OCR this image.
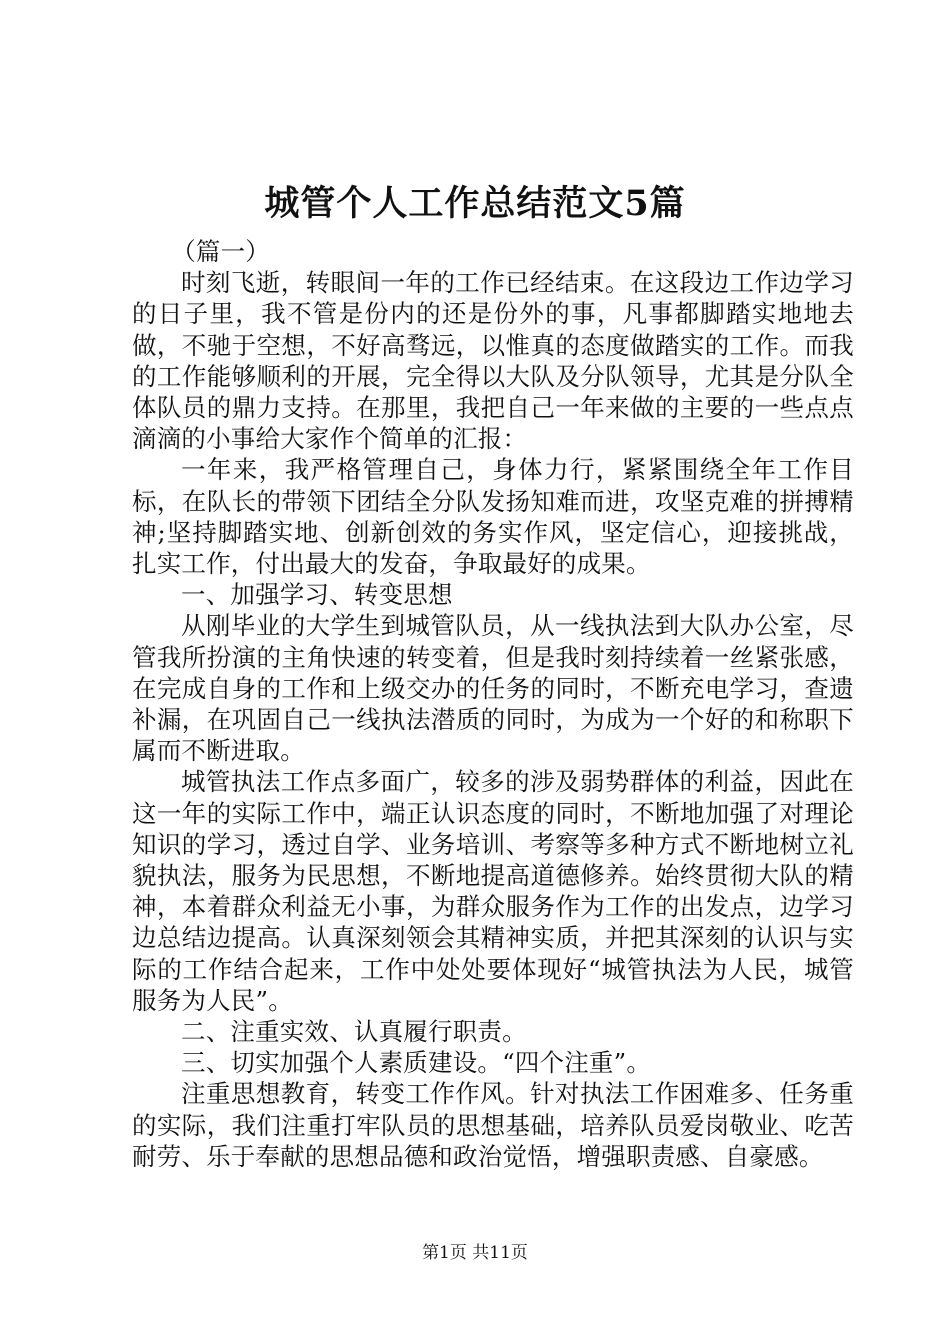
城管个人工作总结范文5篇

（篇一）

时刻飞逝，转眼间一年的工作已经结束。在这段边工作边学习的日子里，我不管是份内的还是份外的事，凡事都脚踏实地地去做，不驰于空想，不好高骛远，以惟真的态度做踏实的工作。而我的工作能够顺利的开展，完全得以大队及分队领导，尤其是分队全体队员的鼎力支持。在那里，我把自己一年来做的主要的一些点点滴滴的小事给大家作个简单的汇报：

一年来，我严格管理自己，身体力行，紧紧围绕全年工作目标，在队长的带领下团结全分队发扬知难而进，攻坚克难的拼搏精神;坚持脚踏实地、创新创效的务实作风，坚定信心，迎接挑战，扎实工作，付出最大的发奋，争取最好的成果。

一、加强学习、转变思想

从刚毕业的大学生到城管队员，从一线执法到大队办公室，尽管我所扮演的主角快速的转变着，但是我时刻持续着一丝紧张感，在完成自身的工作和上级交办的任务的同时，不断充电学习，查遗补漏，在巩固自己一线执法潜质的同时，为成为一个好的和称职下属而不断进取。

城管执法工作点多面广，较多的涉及弱势群体的利益，因此在这一年的实际工作中，端正认识态度的同时，不断地加强了对理论知识的学习，透过自学、业务培训、考察等多种方式不断地树立礼貌执法，服务为民思想，不断地提高道德修养。始终贯彻大队的精神，本着群众利益无小事，为群众服务作为工作的出发点，边学习边总结边提高。认真深刻领会其精神实质，并把其深刻的认识与实际的工作结合起来，工作中处处要体现好“城管执法为人民，城管服务为人民”。

二、注重实效、认真履行职责。

三、切实加强个人素质建设。“四个注重”。

注重思想教育，转变工作作风。针对执法工作困难多、任务重的实际，我们注重打牢队员的思想基础，培养队员爱岗敬业、吃苦耐劳、乐于奉献的思想品德和政治觉悟，增强职责感、自豪感。

第1页 共11页
